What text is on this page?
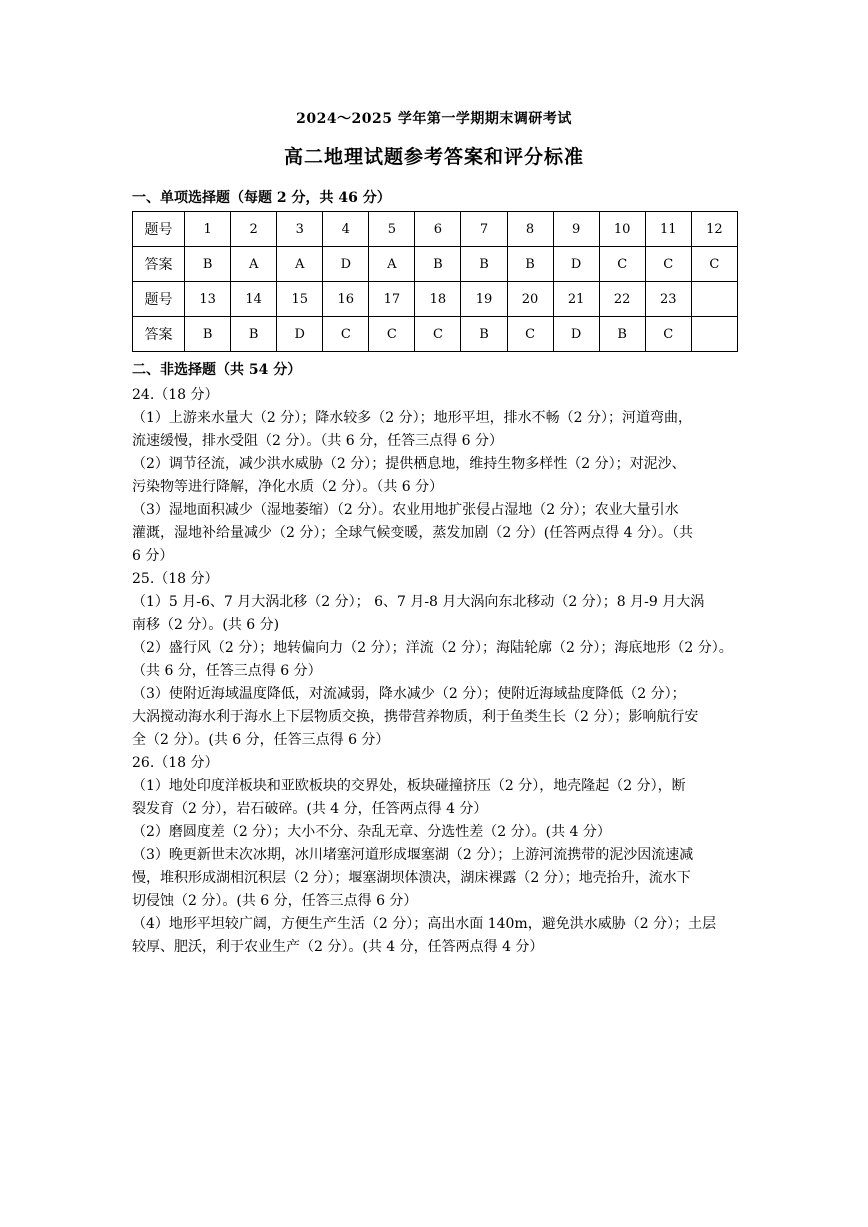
2024～2025 学年第一学期期末调研考试
高二地理试题参考答案和评分标准
一、单项选择题（每题 2 分，共 46 分）
题号	1	2	3	4	5	6	7	8	9	10	11	12
答案	B	A	A	D	A	B	B	B	D	C	C	C
题号	13	14	15	16	17	18	19	20	21	22	23	
答案	B	B	D	C	C	C	B	C	D	B	C	
二、非选择题（共 54 分）

24.（18 分）

（1）上游来水量大（2 分）；降水较多（2 分）；地形平坦，排水不畅（2 分）；河道弯曲，

流速缓慢，排水受阻（2 分）。（共 6 分，任答三点得 6 分）

（2）调节径流，减少洪水威胁（2 分）；提供栖息地，维持生物多样性（2 分）；对泥沙、

污染物等进行降解，净化水质（2 分）。（共 6 分）

（3）湿地面积减少（湿地萎缩）（2 分）。农业用地扩张侵占湿地（2 分）；农业大量引水

灌溉，湿地补给量减少（2 分）；全球气候变暖，蒸发加剧（2 分）(任答两点得 4 分）。（共

6 分）

25.（18 分）

（1）5 月-6、7 月大涡北移（2 分）； 6、7 月-8 月大涡向东北移动（2 分）；8 月-9 月大涡

南移（2 分）。(共 6 分)

（2）盛行风（2 分）；地转偏向力（2 分）；洋流（2 分）；海陆轮廓（2 分）；海底地形（2 分）。

（共 6 分，任答三点得 6 分）

（3）使附近海域温度降低，对流减弱，降水减少（2 分）；使附近海域盐度降低（2 分）；

大涡搅动海水利于海水上下层物质交换，携带营养物质，利于鱼类生长（2 分）；影响航行安

全（2 分）。(共 6 分，任答三点得 6 分）

26.（18 分）

（1）地处印度洋板块和亚欧板块的交界处，板块碰撞挤压（2 分），地壳隆起（2 分），断

裂发育（2 分），岩石破碎。(共 4 分，任答两点得 4 分）

（2）磨圆度差（2 分）；大小不分、杂乱无章、分选性差（2 分）。(共 4 分）

（3）晚更新世末次冰期，冰川堵塞河道形成堰塞湖（2 分）；上游河流携带的泥沙因流速减

慢，堆积形成湖相沉积层（2 分）；堰塞湖坝体溃决，湖床裸露（2 分）；地壳抬升，流水下

切侵蚀（2 分）。(共 6 分，任答三点得 6 分）

（4）地形平坦较广阔，方便生产生活（2 分）；高出水面 140m，避免洪水威胁（2 分）；土层

较厚、肥沃，利于农业生产（2 分）。(共 4 分，任答两点得 4 分）
